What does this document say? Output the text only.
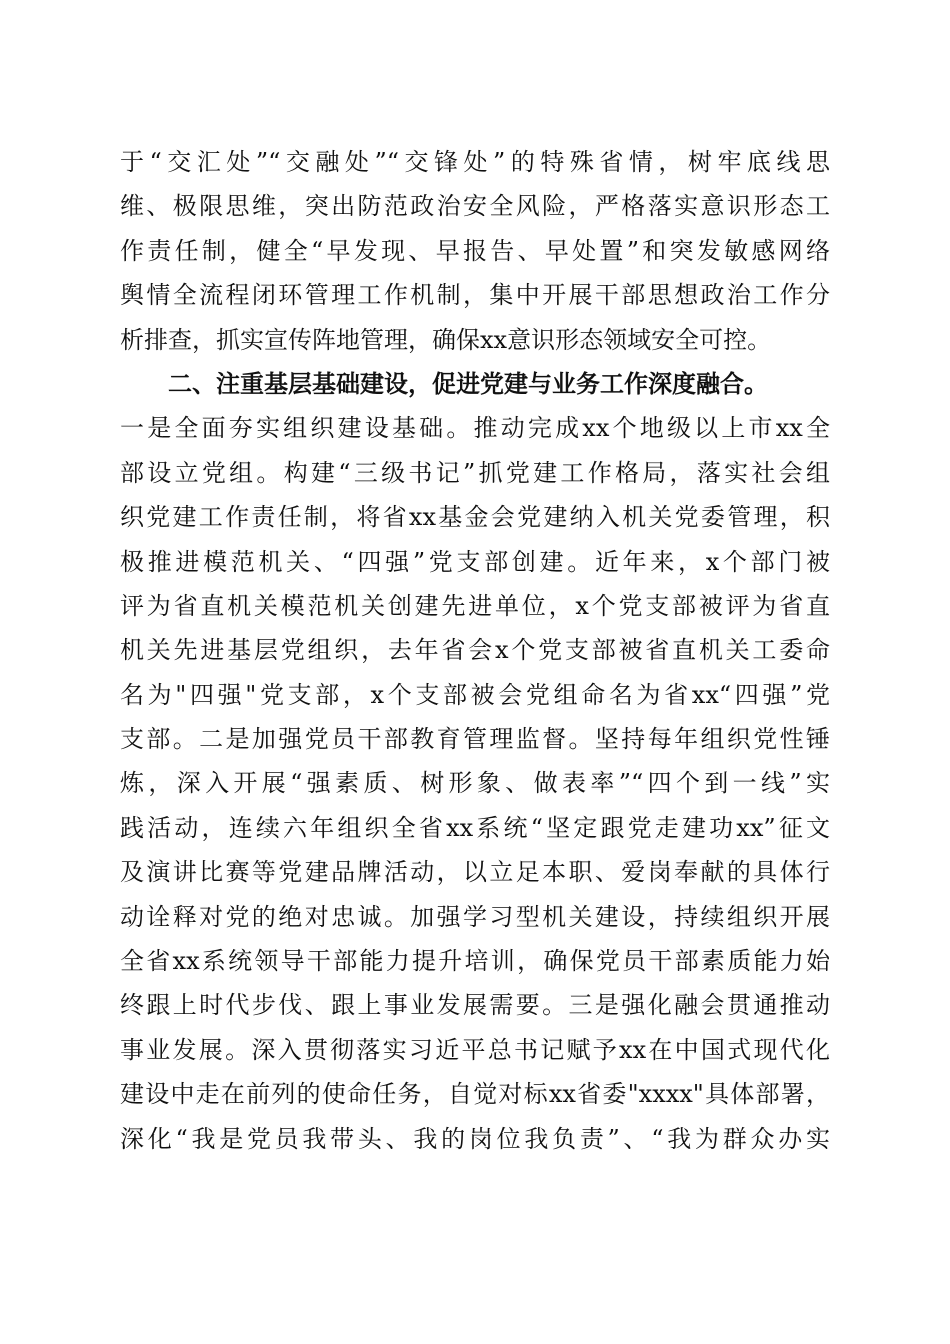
于“交汇处”“交融处”“交锋处”的特殊省情，树牢底线思
维、极限思维，突出防范政治安全风险，严格落实意识形态工
作责任制，健全“早发现、早报告、早处置”和突发敏感网络
舆情全流程闭环管理工作机制，集中开展干部思想政治工作分
析排查，抓实宣传阵地管理，确保xx意识形态领域安全可控。
二、注重基层基础建设，促进党建与业务工作深度融合。
一是全面夯实组织建设基础。推动完成xx个地级以上市xx全
部设立党组。构建“三级书记”抓党建工作格局，落实社会组
织党建工作责任制，将省xx基金会党建纳入机关党委管理，积
极推进模范机关、“四强”党支部创建。近年来，x个部门被
评为省直机关模范机关创建先进单位，x个党支部被评为省直
机关先进基层党组织，去年省会x个党支部被省直机关工委命
名为"四强"党支部，x个支部被会党组命名为省xx“四强”党
支部。二是加强党员干部教育管理监督。坚持每年组织党性锤
炼，深入开展“强素质、树形象、做表率”“四个到一线”实
践活动，连续六年组织全省xx系统“坚定跟党走建功xx”征文
及演讲比赛等党建品牌活动，以立足本职、爱岗奉献的具体行
动诠释对党的绝对忠诚。加强学习型机关建设，持续组织开展
全省xx系统领导干部能力提升培训，确保党员干部素质能力始
终跟上时代步伐、跟上事业发展需要。三是强化融会贯通推动
事业发展。深入贯彻落实习近平总书记赋予xx在中国式现代化
建设中走在前列的使命任务，自觉对标xx省委"xxxx"具体部署，
深化“我是党员我带头、我的岗位我负责”、“我为群众办实
